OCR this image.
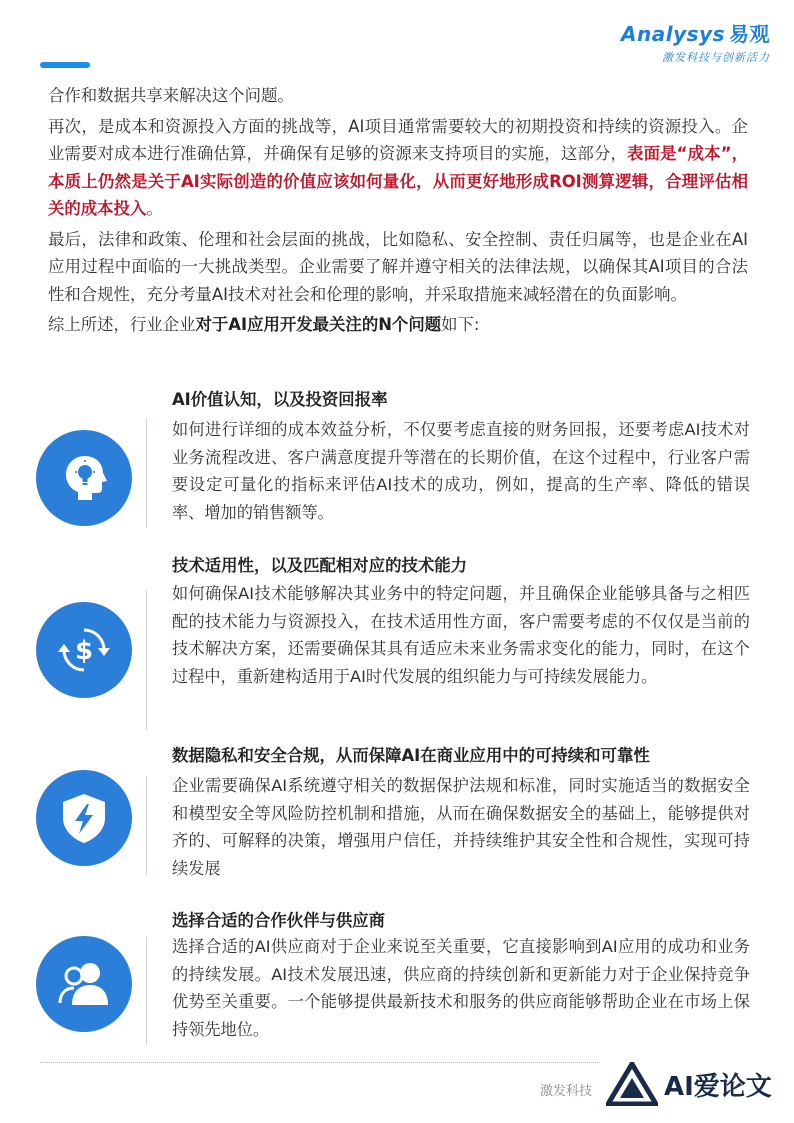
Analysys 易观
激发科技与创新活力

合作和数据共享来解决这个问题。

再次，是成本和资源投入方面的挑战等，AI项目通常需要较大的初期投资和持续的资源投入。企业需要对成本进行准确估算，并确保有足够的资源来支持项目的实施，这部分，表面是“成本”，本质上仍然是关于AI实际创造的价值应该如何量化，从而更好地形成ROI测算逻辑，合理评估相关的成本投入。

最后，法律和政策、伦理和社会层面的挑战，比如隐私、安全控制、责任归属等，也是企业在AI应用过程中面临的一大挑战类型。企业需要了解并遵守相关的法律法规，以确保其AI项目的合法性和合规性，充分考量AI技术对社会和伦理的影响，并采取措施来减轻潜在的负面影响。

综上所述，行业企业对于AI应用开发最关注的N个问题如下:

AI价值认知，以及投资回报率
如何进行详细的成本效益分析，不仅要考虑直接的财务回报，还要考虑AI技术对业务流程改进、客户满意度提升等潜在的长期价值，在这个过程中，行业客户需要设定可量化的指标来评估AI技术的成功，例如，提高的生产率、降低的错误率、增加的销售额等。
$
技术适用性，以及匹配相对应的技术能力
如何确保AI技术能够解决其业务中的特定问题，并且确保企业能够具备与之相匹配的技术能力与资源投入，在技术适用性方面，客户需要考虑的不仅仅是当前的技术解决方案，还需要确保其具有适应未来业务需求变化的能力，同时，在这个过程中，重新建构适用于AI时代发展的组织能力与可持续发展能力。
数据隐私和安全合规，从而保障AI在商业应用中的可持续和可靠性
企业需要确保AI系统遵守相关的数据保护法规和标准，同时实施适当的数据安全和模型安全等风险防控机制和措施，从而在确保数据安全的基础上，能够提供对齐的、可解释的决策，增强用户信任，并持续维护其安全性和合规性，实现可持续发展
选择合适的合作伙伴与供应商
选择合适的AI供应商对于企业来说至关重要，它直接影响到AI应用的成功和业务的持续发展。AI技术发展迅速，供应商的持续创新和更新能力对于企业保持竞争优势至关重要。一个能够提供最新技术和服务的供应商能够帮助企业在市场上保持领先地位。
激发科技	AI爱论文
